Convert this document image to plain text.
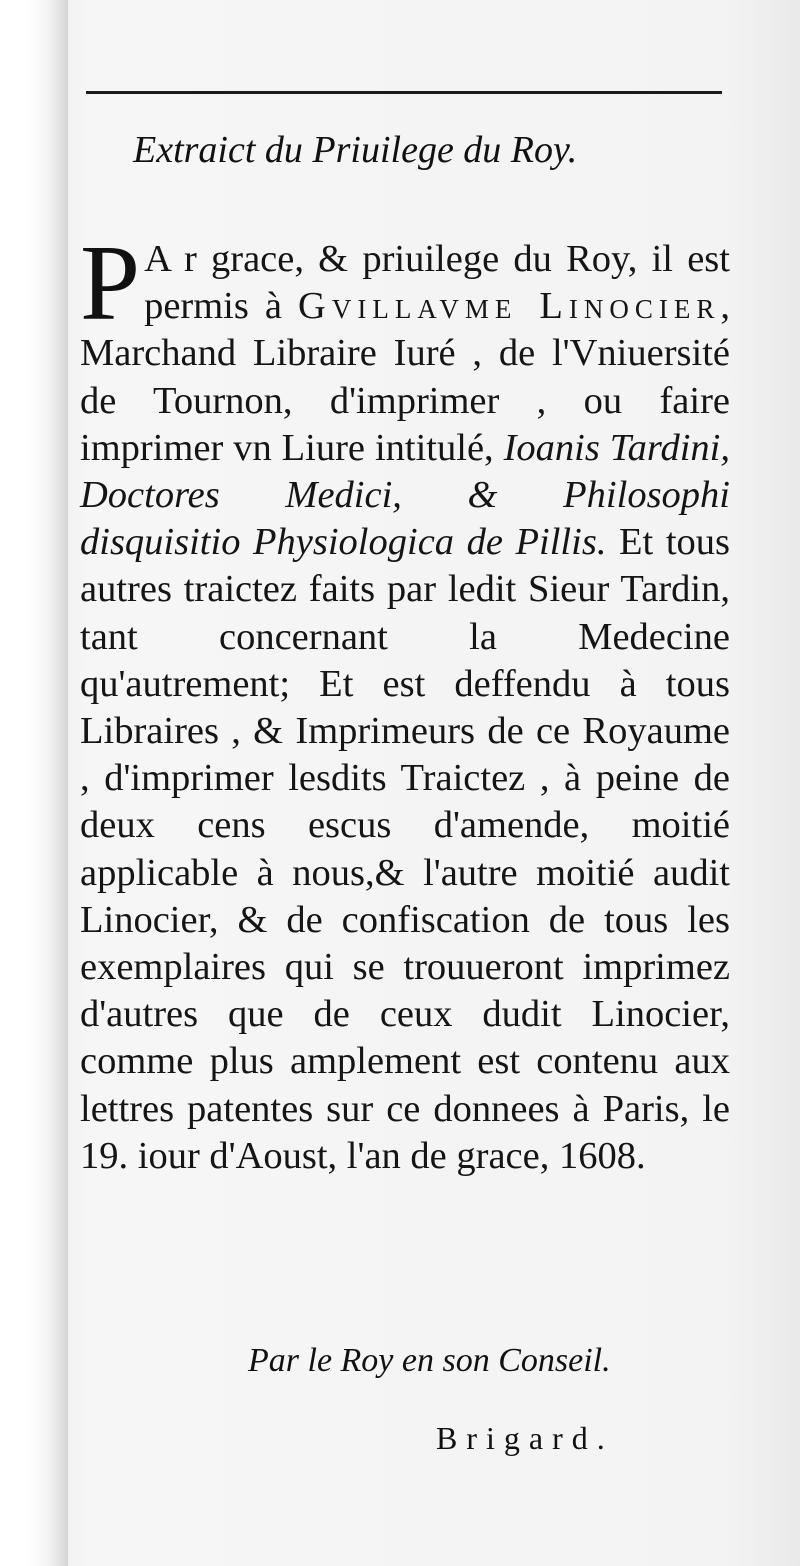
Extraict du Priuilege du Roy.
P A r grace, & priuilege du Roy, il est permis à Gvillavme Linocier, Marchand Libraire Iuré , de l'Vniuersité de Tournon, d'imprimer , ou faire imprimer vn Liure intitulé, Ioanis Tardini, Doctores Medici, & Philosophi disquisitio Physiologica de Pillis. Et tous autres traictez faits par ledit Sieur Tardin, tant concernant la Medecine qu'autrement; Et est deffendu à tous Libraires , & Imprimeurs de ce Royaume , d'imprimer lesdits Traictez , à peine de deux cens escus d'amende, moitié applicable à nous,& l'autre moitié audit Linocier, & de confiscation de tous les exemplaires qui se trouueront imprimez d'autres que de ceux dudit Linocier, comme plus amplement est contenu aux lettres patentes sur ce donnees à Paris, le 19. iour d'Aoust, l'an de grace, 1608.
Par le Roy en son Conseil.
Brigard.
